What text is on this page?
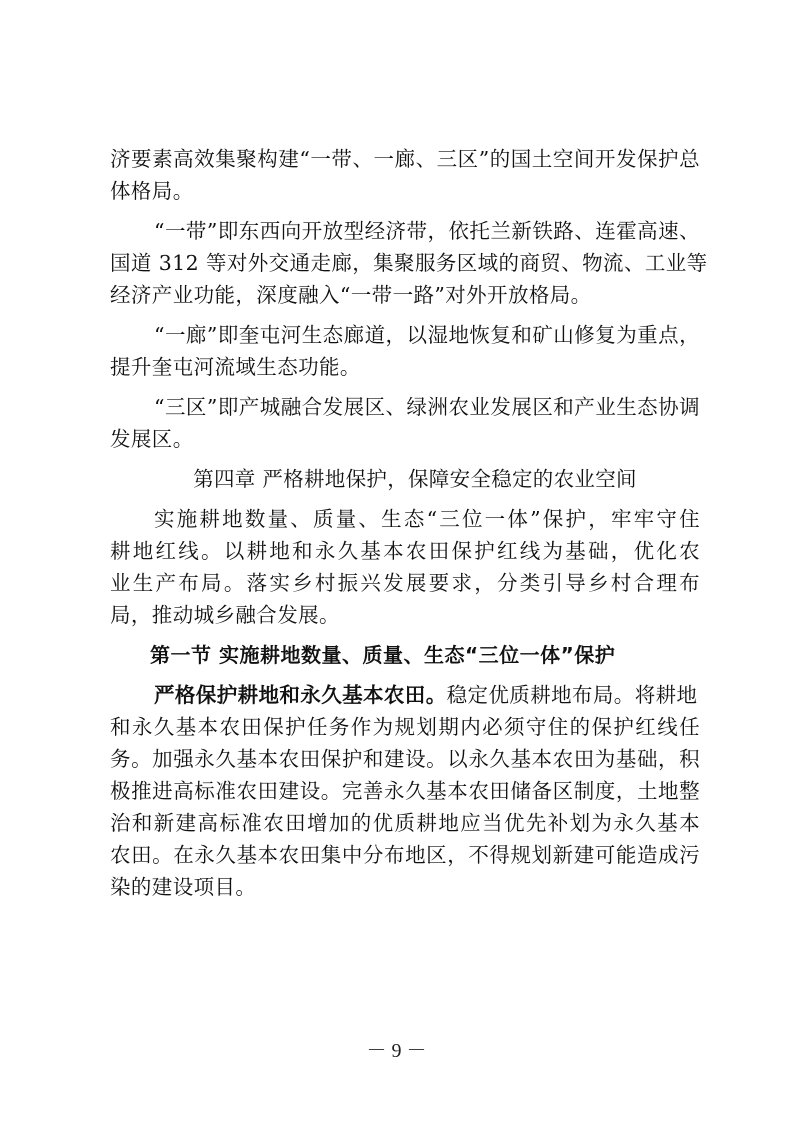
济要素高效集聚构建“一带、一廊、三区”的国土空间开发保护总
体格局。
“一带”即东西向开放型经济带，依托兰新铁路、连霍高速、
国道 312 等对外交通走廊，集聚服务区域的商贸、物流、工业等
经济产业功能，深度融入“一带一路”对外开放格局。
“一廊”即奎屯河生态廊道，以湿地恢复和矿山修复为重点，
提升奎屯河流域生态功能。
“三区”即产城融合发展区、绿洲农业发展区和产业生态协调
发展区。
第四章 严格耕地保护，保障安全稳定的农业空间
实施耕地数量、质量、生态“三位一体”保护，牢牢守住
耕地红线。以耕地和永久基本农田保护红线为基础，优化农
业生产布局。落实乡村振兴发展要求，分类引导乡村合理布
局，推动城乡融合发展。
第一节 实施耕地数量、质量、生态“三位一体”保护
严格保护耕地和永久基本农田。稳定优质耕地布局。将耕地
和永久基本农田保护任务作为规划期内必须守住的保护红线任
务。加强永久基本农田保护和建设。以永久基本农田为基础，积
极推进高标准农田建设。完善永久基本农田储备区制度，土地整
治和新建高标准农田增加的优质耕地应当优先补划为永久基本
农田。在永久基本农田集中分布地区，不得规划新建可能造成污
染的建设项目。
－ 9 －
